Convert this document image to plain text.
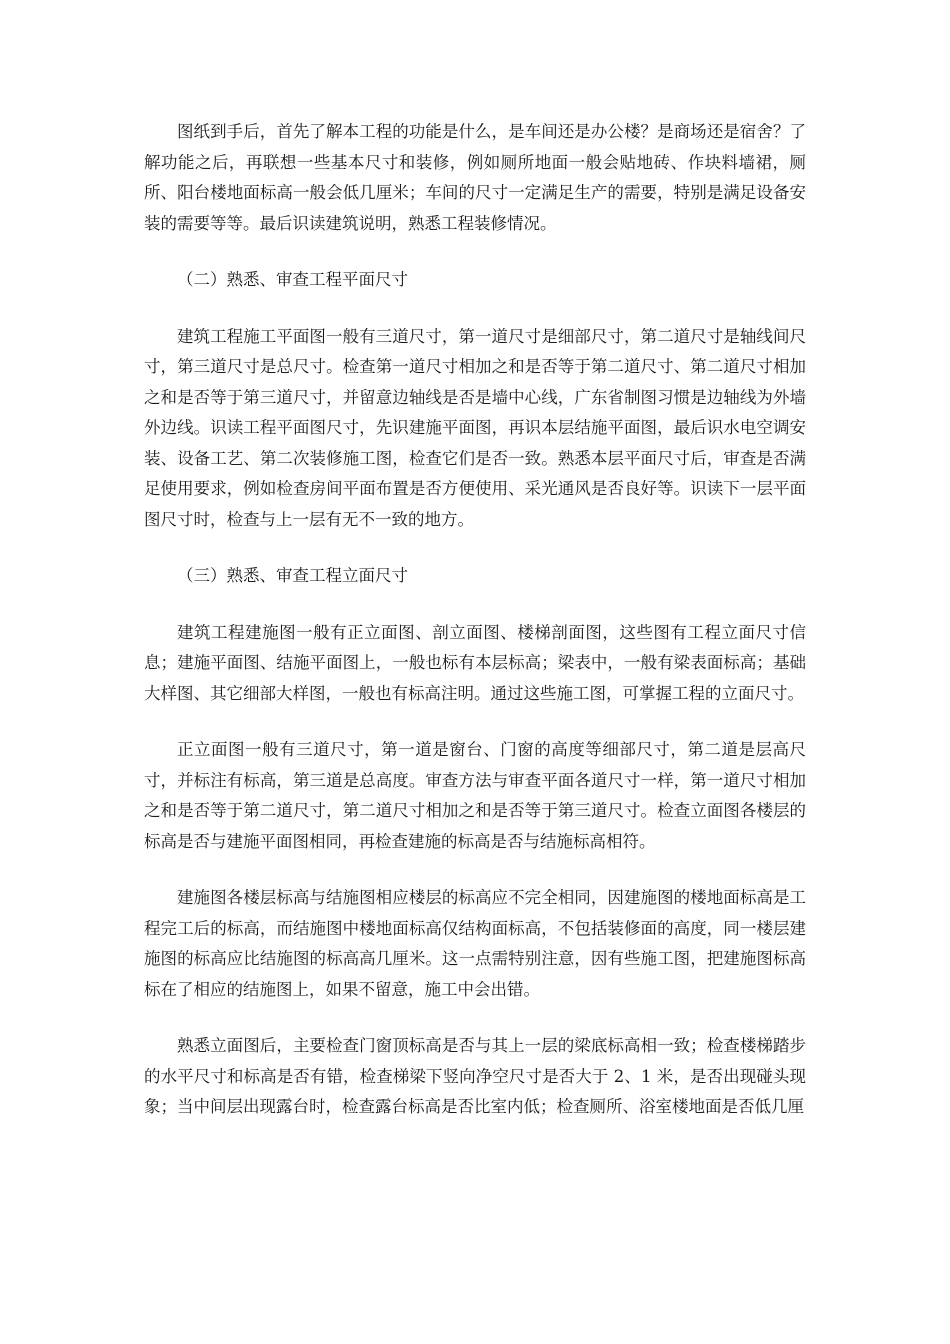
图纸到手后，首先了解本工程的功能是什么，是车间还是办公楼？是商场还是宿舍？了解功能之后，再联想一些基本尺寸和装修，例如厕所地面一般会贴地砖、作块料墙裙，厕所、阳台楼地面标高一般会低几厘米；车间的尺寸一定满足生产的需要，特别是满足设备安装的需要等等。最后识读建筑说明，熟悉工程装修情况。

（二）熟悉、审查工程平面尺寸

建筑工程施工平面图一般有三道尺寸，第一道尺寸是细部尺寸，第二道尺寸是轴线间尺寸，第三道尺寸是总尺寸。检查第一道尺寸相加之和是否等于第二道尺寸、第二道尺寸相加之和是否等于第三道尺寸，并留意边轴线是否是墙中心线，广东省制图习惯是边轴线为外墙外边线。识读工程平面图尺寸，先识建施平面图，再识本层结施平面图，最后识水电空调安装、设备工艺、第二次装修施工图，检查它们是否一致。熟悉本层平面尺寸后，审查是否满足使用要求，例如检查房间平面布置是否方便使用、采光通风是否良好等。识读下一层平面图尺寸时，检查与上一层有无不一致的地方。

（三）熟悉、审查工程立面尺寸

建筑工程建施图一般有正立面图、剖立面图、楼梯剖面图，这些图有工程立面尺寸信息；建施平面图、结施平面图上，一般也标有本层标高；梁表中，一般有梁表面标高；基础大样图、其它细部大样图，一般也有标高注明。通过这些施工图，可掌握工程的立面尺寸。

正立面图一般有三道尺寸，第一道是窗台、门窗的高度等细部尺寸，第二道是层高尺寸，并标注有标高，第三道是总高度。审查方法与审查平面各道尺寸一样，第一道尺寸相加之和是否等于第二道尺寸，第二道尺寸相加之和是否等于第三道尺寸。检查立面图各楼层的标高是否与建施平面图相同，再检查建施的标高是否与结施标高相符。

建施图各楼层标高与结施图相应楼层的标高应不完全相同，因建施图的楼地面标高是工程完工后的标高，而结施图中楼地面标高仅结构面标高，不包括装修面的高度，同一楼层建施图的标高应比结施图的标高高几厘米。这一点需特别注意，因有些施工图，把建施图标高标在了相应的结施图上，如果不留意，施工中会出错。

熟悉立面图后，主要检查门窗顶标高是否与其上一层的梁底标高相一致；检查楼梯踏步的水平尺寸和标高是否有错，检查梯梁下竖向净空尺寸是否大于 2、1 米，是否出现碰头现象；当中间层出现露台时，检查露台标高是否比室内低；检查厕所、浴室楼地面是否低几厘
